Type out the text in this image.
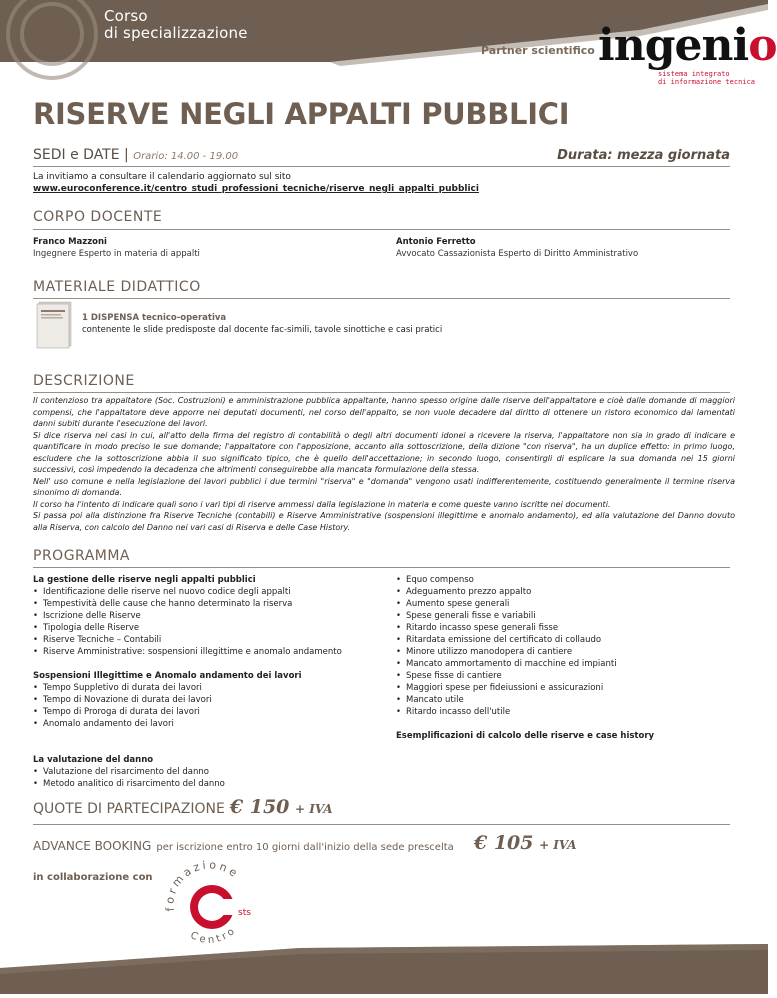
Corso
di specializzazione
Partner scientifico ingenio
sistema integrato
di informazione tecnica
RISERVE NEGLI APPALTI PUBBLICI
SEDI e DATE | Orario: 14.00 - 19.00	Durata: mezza giornata
La invitiamo a consultare il calendario aggiornato sul sito
www.euroconference.it/centro_studi_professioni_tecniche/riserve_negli_appalti_pubblici
CORPO DOCENTE
Franco Mazzoni
Ingegnere Esperto in materia di appalti
Antonio Ferretto
Avvocato Cassazionista Esperto di Diritto Amministrativo
MATERIALE DIDATTICO
1 DISPENSA tecnico-operativa
contenente le slide predisposte dal docente fac-simili, tavole sinottiche e casi pratici
DESCRIZIONE

Il contenzioso tra appaltatore (Soc. Costruzioni) e amministrazione pubblica appaltante, hanno spesso origine dalle riserve dell'appaltatore e cioè dalle domande di maggiori compensi, che l'appaltatore deve apporre nei deputati documenti, nel corso dell'appalto, se non vuole decadere dal diritto di ottenere un ristoro economico dai lamentati danni subiti durante l'esecuzione dei lavori.

Si dice riserva nei casi in cui, all'atto della firma del registro di contabilità o degli altri documenti idonei a ricevere la riserva, l'appaltatore non sia in grado di indicare e quantificare in modo preciso le sue domande; l'appaltatore con l'apposizione, accanto alla sottoscrizione, della dizione "con riserva", ha un duplice effetto: in primo luogo, escludere che la sottoscrizione abbia il suo significato tipico, che è quello dell'accettazione; in secondo luogo, consentirgli di esplicare la sua domanda nei 15 giorni successivi, così impedendo la decadenza che altrimenti conseguirebbe alla mancata formulazione della stessa.

Nell' uso comune e nella legislazione dei lavori pubblici i due termini "riserva" e "domanda" vengono usati indifferentemente, costituendo generalmente il termine riserva sinonimo di domanda.

Il corso ha l'intento di indicare quali sono i vari tipi di riserve ammessi dalla legislazione in materia e come queste vanno iscritte nei documenti.

Si passa poi alla distinzione fra Riserve Tecniche (contabili) e Riserve Amministrative (sospensioni illegittime e anomalo andamento), ed alla valutazione del Danno dovuto alla Riserva, con calcolo del Danno nei vari casi di Riserva e delle Case History.

PROGRAMMA
La gestione delle riserve negli appalti pubblici
• Identificazione delle riserve nel nuovo codice degli appalti
• Tempestività delle cause che hanno determinato la riserva
• Iscrizione delle Riserve
• Tipologia delle Riserve
• Riserve Tecniche – Contabili
• Riserve Amministrative: sospensioni illegittime e anomalo andamento
Sospensioni Illegittime e Anomalo andamento dei lavori
• Tempo Suppletivo di durata dei lavori
• Tempo di Novazione di durata dei lavori
• Tempo di Proroga di durata dei lavori
• Anomalo andamento dei lavori
La valutazione del danno
• Valutazione del risarcimento del danno
• Metodo analitico di risarcimento del danno
• Equo compenso
• Adeguamento prezzo appalto
• Aumento spese generali
• Spese generali fisse e variabili
• Ritardo incasso spese generali fisse
• Ritardata emissione del certificato di collaudo
• Minore utilizzo manodopera di cantiere
• Mancato ammortamento di macchine ed impianti
• Spese fisse di cantiere
• Maggiori spese per fideiussioni e assicurazioni
• Mancato utile
• Ritardo incasso dell'utile
Esemplificazioni di calcolo delle riserve e case history
QUOTE DI PARTECIPAZIONE € 150 + IVA
ADVANCE BOOKING per iscrizione entro 10 giorni dall'inizio della sede prescelta € 105 + IVA
in collaborazione con
formazione
Centro
sts
